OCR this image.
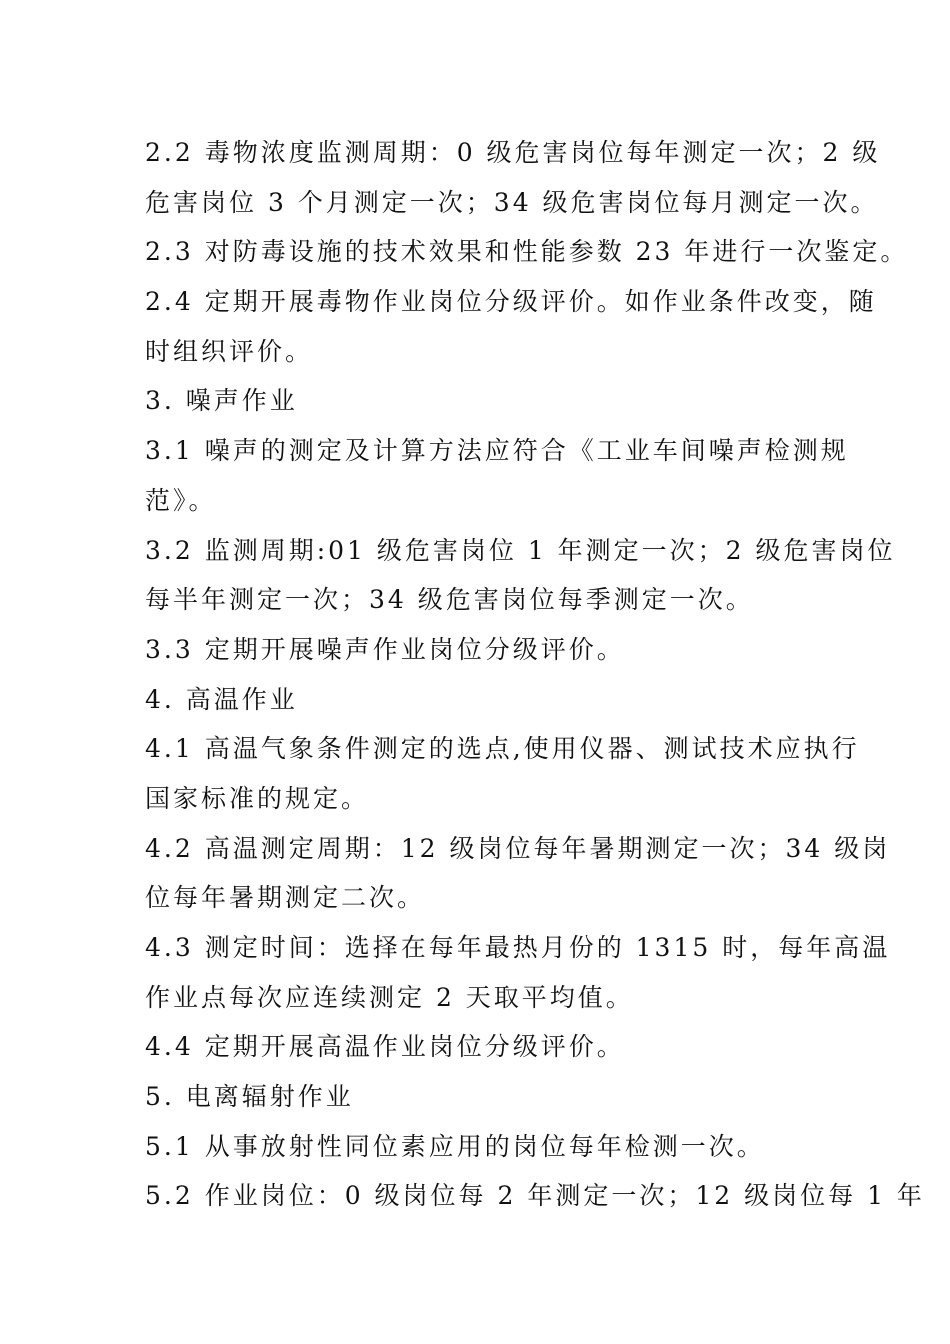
2.2 毒物浓度监测周期：0 级危害岗位每年测定一次；2 级
危害岗位 3 个月测定一次；34 级危害岗位每月测定一次。
2.3 对防毒设施的技术效果和性能参数 23 年进行一次鉴定。
2.4 定期开展毒物作业岗位分级评价。如作业条件改变，随
时组织评价。
3. 噪声作业
3.1 噪声的测定及计算方法应符合《工业车间噪声检测规
范》。
3.2 监测周期:01 级危害岗位 1 年测定一次；2 级危害岗位
每半年测定一次；34 级危害岗位每季测定一次。
3.3 定期开展噪声作业岗位分级评价。
4. 高温作业
4.1 高温气象条件测定的选点,使用仪器、测试技术应执行
国家标准的规定。
4.2 高温测定周期：12 级岗位每年暑期测定一次；34 级岗
位每年暑期测定二次。
4.3 测定时间：选择在每年最热月份的 1315 时，每年高温
作业点每次应连续测定 2 天取平均值。
4.4 定期开展高温作业岗位分级评价。
5. 电离辐射作业
5.1 从事放射性同位素应用的岗位每年检测一次。
5.2 作业岗位：0 级岗位每 2 年测定一次；12 级岗位每 1 年
